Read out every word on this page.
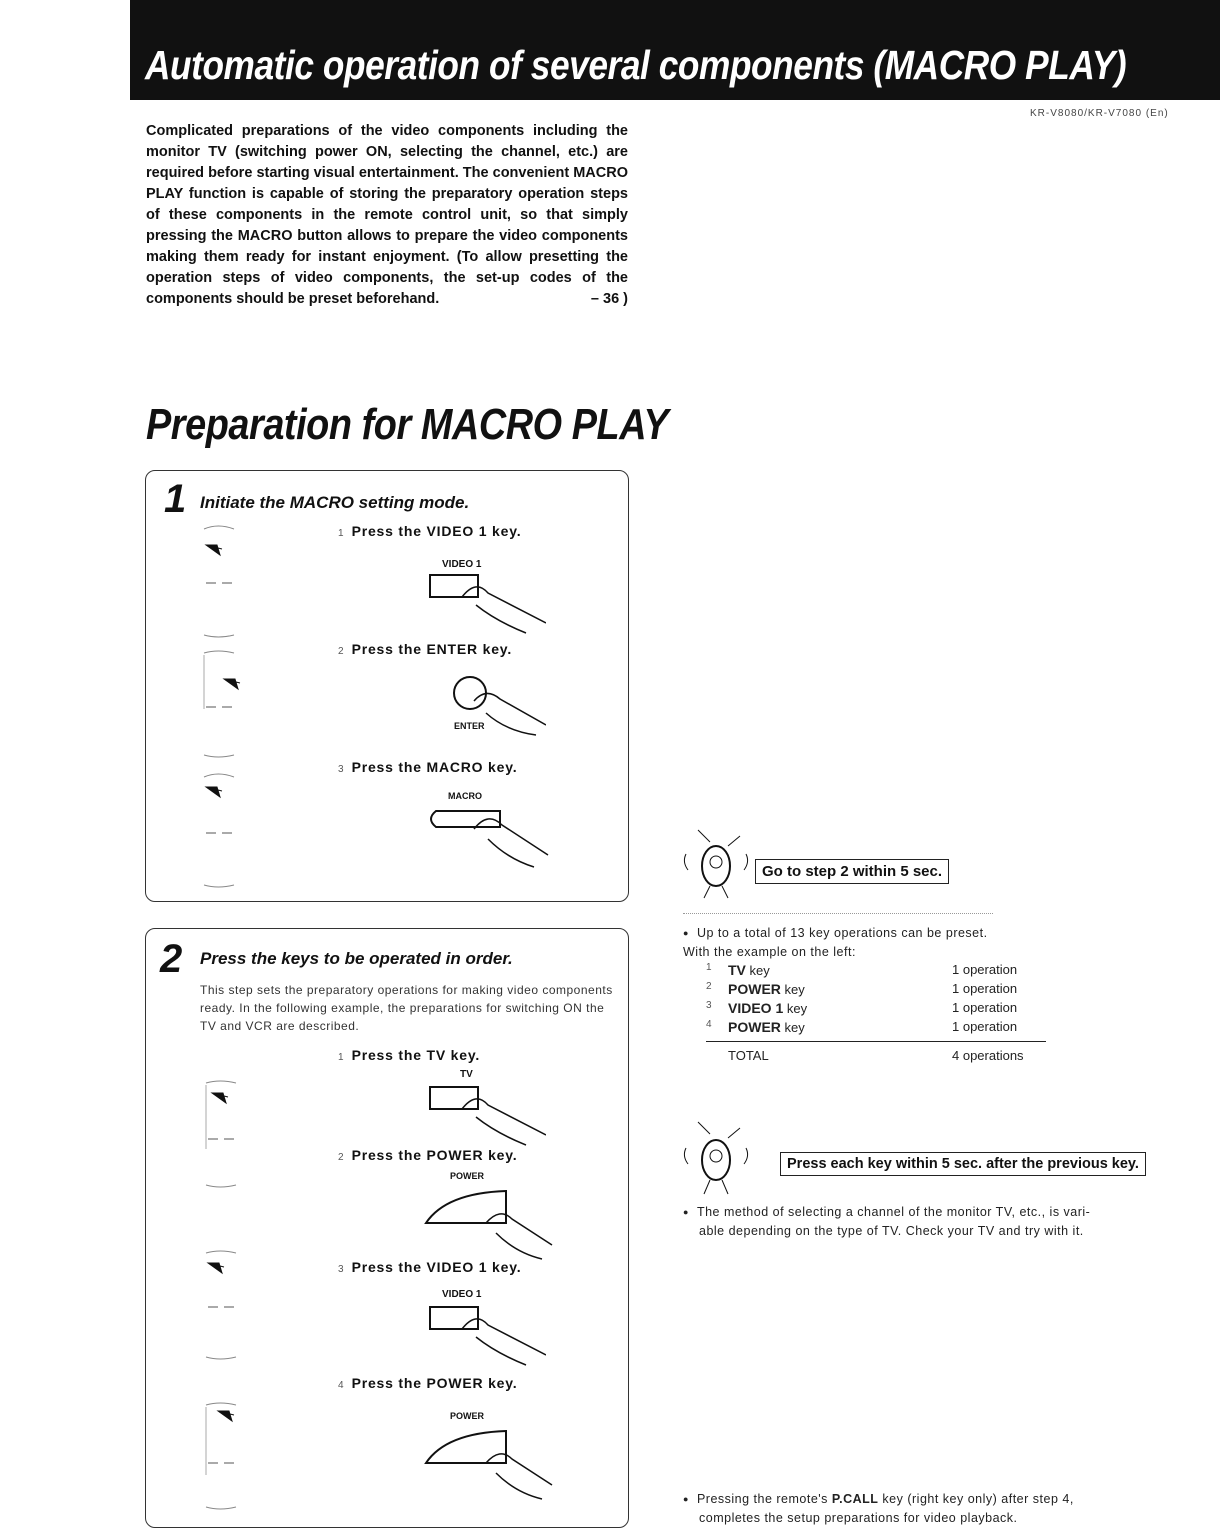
Automatic operation of several components (MACRO PLAY)
KR-V8080/KR-V7080 (En)

Complicated preparations of the video components including the monitor TV (switching power ON, selecting the channel, etc.) are required before starting visual entertainment. The convenient MACRO PLAY function is capable of storing the preparatory operation steps of these components in the remote control unit, so that simply pressing the MACRO button allows to prepare the video components making them ready for instant enjoyment. (To allow presetting the operation steps of video components, the set-up codes of the components should be preset beforehand.	– 36 )

Preparation for MACRO PLAY
1 Initiate the MACRO setting mode.
1 Press the VIDEO 1 key.
VIDEO 1
2 Press the ENTER key.
ENTER
3 Press the MACRO key.
MACRO
Go to step 2 within 5 sec.
● Up to a total of 13 key operations can be preset.
With the example on the left:
1	TV key	1 operation
2	POWER key	1 operation
3	VIDEO 1 key	1 operation
4	POWER key	1 operation
TOTAL	4 operations
2 Press the keys to be operated in order.

This step sets the preparatory operations for making video components ready. In the following example, the preparations for switching ON the TV and VCR are described.

1 Press the TV key.
TV
2 Press the POWER key.
POWER
3 Press the VIDEO 1 key.
VIDEO 1
4 Press the POWER key.
POWER
Press each key within 5 sec. after the previous key.
● The method of selecting a channel of the monitor TV, etc., is vari-
able depending on the type of TV. Check your TV and try with it.
● Pressing the remote's P.CALL key (right key only) after step 4,
completes the setup preparations for video playback.
